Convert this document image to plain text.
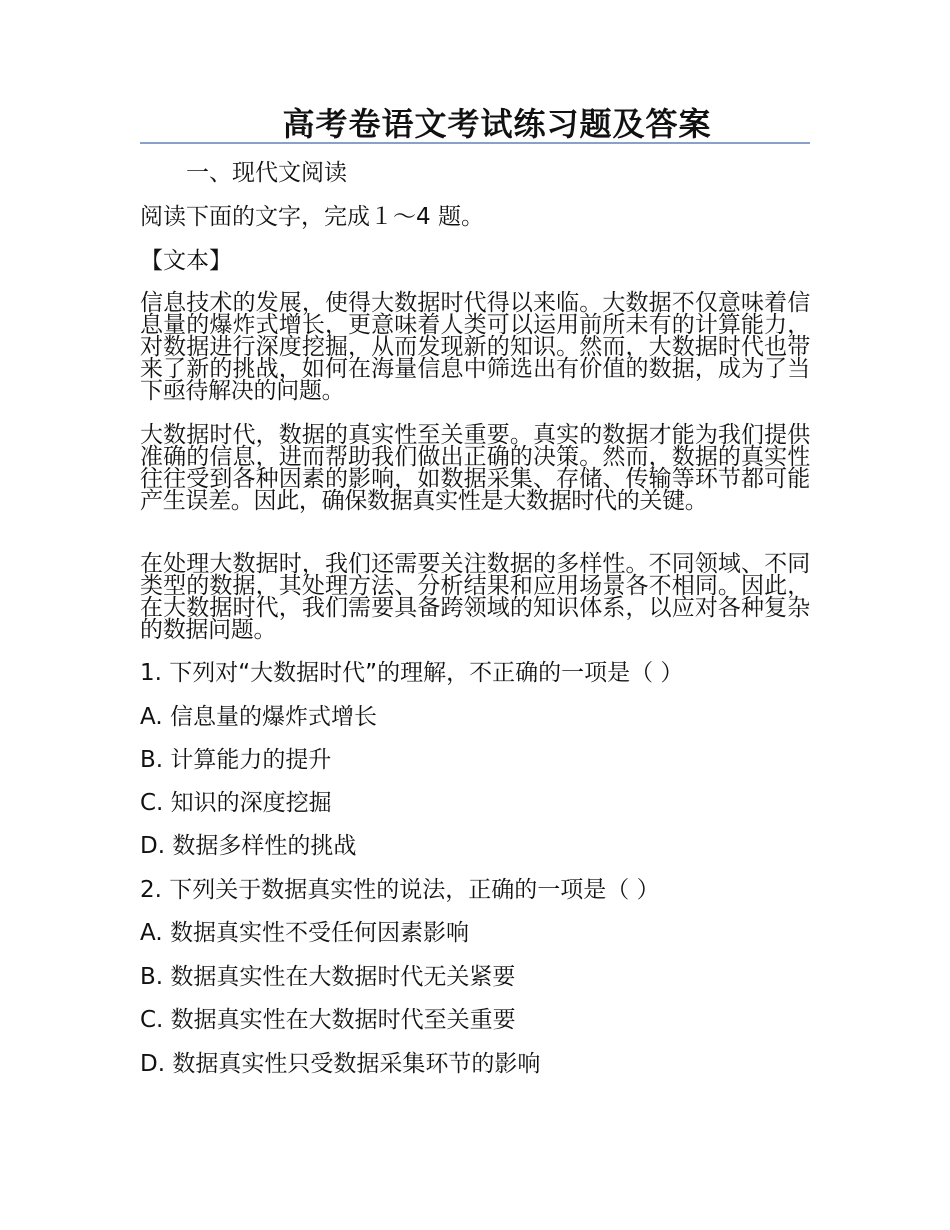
高考卷语文考试练习题及答案
一、现代文阅读
阅读下面的文字，完成１～4 题。
【文本】
信息技术的发展，使得大数据时代得以来临。大数据不仅意味着信息量的爆炸式增长，更意味着人类可以运用前所未有的计算能力，对数据进行深度挖掘，从而发现新的知识。然而，大数据时代也带来了新的挑战，如何在海量信息中筛选出有价值的数据，成为了当下亟待解决的问题。
大数据时代，数据的真实性至关重要。真实的数据才能为我们提供准确的信息，进而帮助我们做出正确的决策。然而，数据的真实性往往受到各种因素的影响，如数据采集、存储、传输等环节都可能产生误差。因此，确保数据真实性是大数据时代的关键。
在处理大数据时，我们还需要关注数据的多样性。不同领域、不同类型的数据，其处理方法、分析结果和应用场景各不相同。因此，在大数据时代，我们需要具备跨领域的知识体系，以应对各种复杂的数据问题。
1. 下列对“大数据时代”的理解，不正确的一项是（ ）
A. 信息量的爆炸式增长
B. 计算能力的提升
C. 知识的深度挖掘
D. 数据多样性的挑战
2. 下列关于数据真实性的说法，正确的一项是（ ）
A. 数据真实性不受任何因素影响
B. 数据真实性在大数据时代无关紧要
C. 数据真实性在大数据时代至关重要
D. 数据真实性只受数据采集环节的影响
